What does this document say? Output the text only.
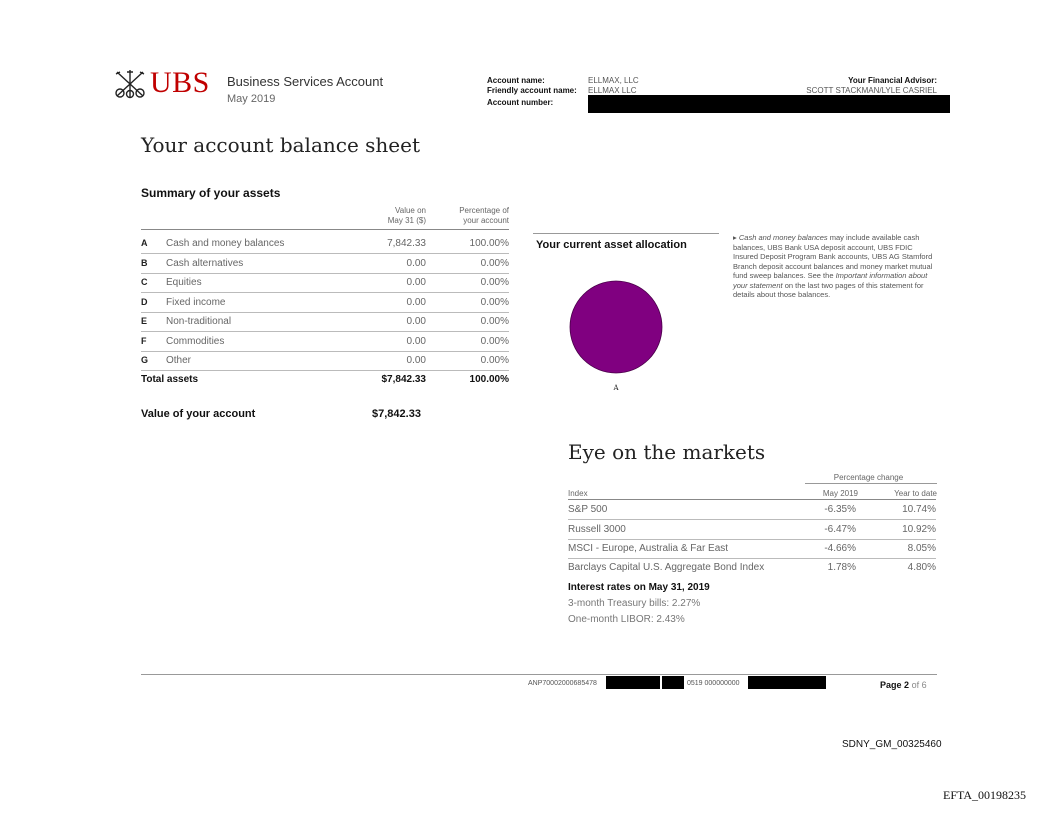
UBS Business Services Account
May 2019
Account name:	ELLMAX, LLC
Friendly account name: ELLMAX LLC
Account number:
Your Financial Advisor:
SCOTT STACKMAN/LYLE CASRIEL
Your account balance sheet
Summary of your assets
Value on
May 31 ($)
Percentage of
your account
A Cash and money balances	7,842.33	100.00%
B Cash alternatives	0.00	0.00%
C Equities	0.00	0.00%
D Fixed income	0.00	0.00%
E Non-traditional	0.00	0.00%
F Commodities	0.00	0.00%
G Other	0.00	0.00%
Total assets	$7,842.33	100.00%
Value of your account	$7,842.33
Your current asset allocation
A
▸ Cash and money balances may include available cash balances, UBS Bank USA deposit account, UBS FDIC Insured Deposit Program Bank accounts, UBS AG Stamford Branch deposit account balances and money market mutual fund sweep balances. See the Important information about your statement on the last two pages of this statement for details about those balances.
Eye on the markets
Percentage change
Index	May 2019	Year to date
S&P 500	-6.35%	10.74%
Russell 3000	-6.47%	10.92%
MSCI - Europe, Australia & Far East	-4.66%	8.05%
Barclays Capital U.S. Aggregate Bond Index	1.78%	4.80%
Interest rates on May 31, 2019
3-month Treasury bills: 2.27%
One-month LIBOR: 2.43%
ANP70002000685478	0519 000000000	Page 2 of 6
SDNY_GM_00325460
EFTA_00198235
